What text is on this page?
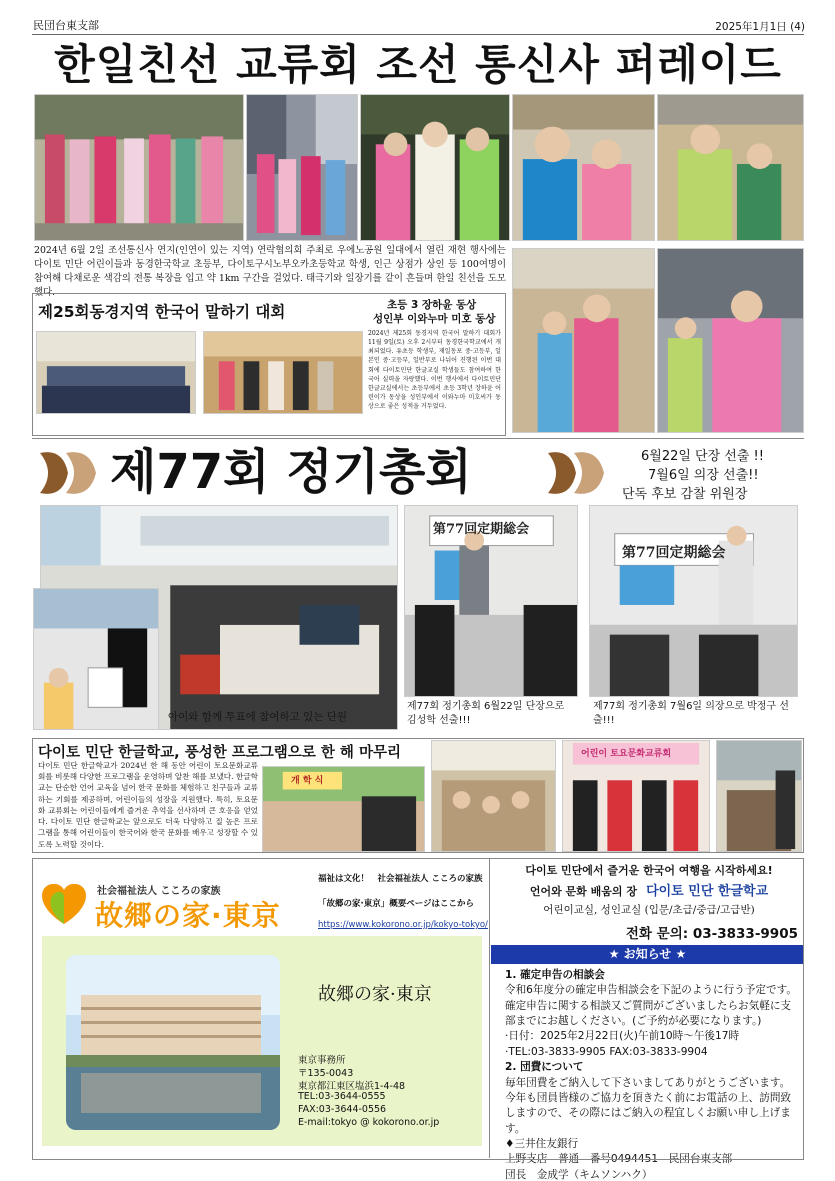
民団台東支部	2025年1月1日 (4)
한일친선 교류회 조선 통신사 퍼레이드
2024년 6월 2일 조선통신사 연지(인연이 있는 지역) 연락협의회 주최로 우에노공원 일대에서 열린 재현 행사에는 다이토 민단 어린이들과 동경한국학교 초등부, 다이토구시노부오카초등학교 학생, 인근 상점가 상인 등 100여명이 참여해 다채로운 색감의 전통 복장을 입고 약 1km 구간을 걸었다. 태극기와 일장기를 같이 흔들며 한일 친선을 도모했다.
제25회동경지역 한국어 말하기 대회	초등 3 장하윤 동상
성인부 이와누마 미호 동상
2024년 제25회 동경지역 한국어 말하기 대회가 11월 9일(토) 오후 2시부터 동경한국학교에서 개최되었다. 유초등 학생부, 재일동포 중·고등부, 일본인 중·고등부, 일반부로 나뉘어 진행된 이번 대회에 다이토민단 한글교실 학생들도 참여하여 한국어 실력을 자랑했다. 이번 행사에서 다이토민단 한글교실에서는 초등부에서 초등 3학년 장하윤 어린이가 동상을 성인부에서 이와누마 미호씨가 동상으로 좋은 성적을 거두었다.
제77회 정기총회	6월22일 단장 선출 !!
7월6일 의장 선출!!
단독 후보 감찰 위원장
아이와 함께 투표에 참여하고 있는 단원
第77回定期総会
제77회 정기총회 6월22일 단장으로 김성학 선출!!!
第77回定期総会
제77회 정기총회 7월6일 의장으로 박정구 선출!!!
다이토 민단 한글학교, 풍성한 프로그램으로 한 해 마무리
다이토 민단 한글학교가 2024년 한 해 동안 어린이 토요문화교류회를 비롯해 다양한 프로그램을 운영하며 알찬 해를 보냈다. 한글학교는 단순한 언어 교육을 넘어 한국 문화를 체험하고 친구들과 교류하는 기회를 제공하며, 어린이들의 성장을 지원했다. 특히, 토요문화 교류회는 어린이들에게 즐거운 추억을 선사하며 큰 호응을 얻었다. 다이토 민단 한글학교는 앞으로도 더욱 다양하고 질 높은 프로그램을 통해 어린이들이 한국어와 한국 문화를 배우고 성장할 수 있도록 노력할 것이다.
개 학 식
어린이 토요문화교류회
社会福祉法人 こころの家族
故郷の家·東京
福祉は文化！　社会福祉法人 こころの家族
「故郷の家·東京」概要ページはここから
https://www.kokorono.or.jp/kokyo-tokyo/
故郷の家·東京
東京事務所
〒135-0043
東京都江東区塩浜1-4-48
TEL:03-3644-0555
FAX:03-3644-0556
E-mail:tokyo @ kokorono.or.jp
다이토 민단에서 즐거운 한국어 여행을 시작하세요!
언어와 문화 배움의 장 다이토 민단 한글학교
어린이교실, 성인교실 (입문/초급/중급/고급반)
전화 문의: 03-3833-9905
★ お知らせ ★
1. 確定申告の相談会
令和6年度分の確定申告相談会を下記のように行う予定です。確定申告に関する相談又ご質問がございましたらお気軽に支部までにお越しください。(ご予約が必要になります。)
·日付：2025年2月22日(火)午前10時～午後17時
·TEL:03-3833-9905 FAX:03-3833-9904
2. 団費について
毎年団費をご納入して下さいましてありがとうございます。
今年も団員皆様のご協力を頂きたく前にお電話の上、訪問致しますので、その際にはご納入の程宜しくお願い申し上げます。
♦三井住友銀行
上野支店　普通　番号0494451　民団台東支部
団長　金成学（キムソンハク）
